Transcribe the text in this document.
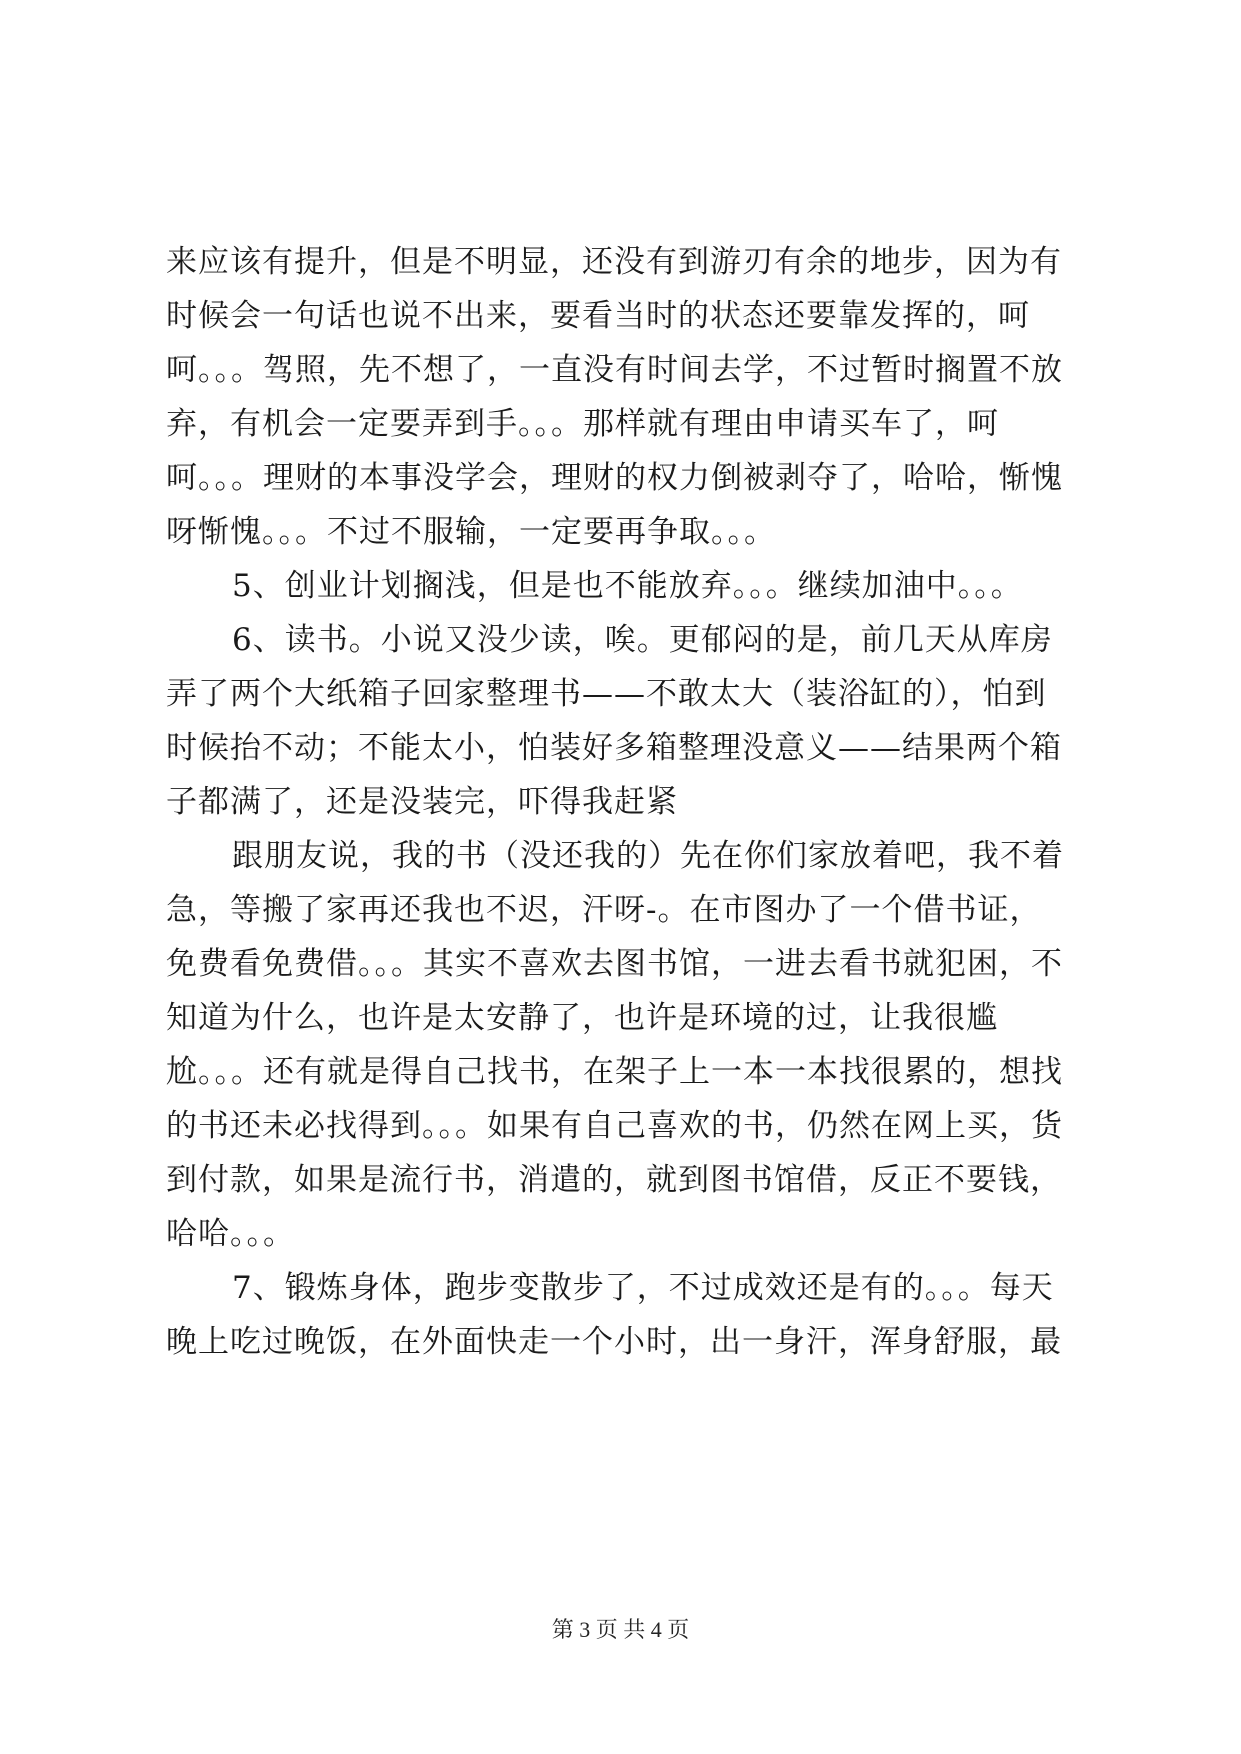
来应该有提升，但是不明显，还没有到游刃有余的地步，因为有
时候会一句话也说不出来，要看当时的状态还要靠发挥的，呵
呵。。。驾照，先不想了，一直没有时间去学，不过暂时搁置不放
弃，有机会一定要弄到手。。。那样就有理由申请买车了，呵
呵。。。理财的本事没学会，理财的权力倒被剥夺了，哈哈，惭愧
呀惭愧。。。不过不服输，一定要再争取。。。
5、创业计划搁浅，但是也不能放弃。。。继续加油中。。。
6、读书。小说又没少读，唉。更郁闷的是，前几天从库房
弄了两个大纸箱子回家整理书——不敢太大（装浴缸的），怕到
时候抬不动；不能太小，怕装好多箱整理没意义——结果两个箱
子都满了，还是没装完，吓得我赶紧
跟朋友说，我的书（没还我的）先在你们家放着吧，我不着
急，等搬了家再还我也不迟，汗呀-。在市图办了一个借书证，
免费看免费借。。。其实不喜欢去图书馆，一进去看书就犯困，不
知道为什么，也许是太安静了，也许是环境的过，让我很尴
尬。。。还有就是得自己找书，在架子上一本一本找很累的，想找
的书还未必找得到。。。如果有自己喜欢的书，仍然在网上买，货
到付款，如果是流行书，消遣的，就到图书馆借，反正不要钱，
哈哈。。。
7、锻炼身体，跑步变散步了，不过成效还是有的。。。每天
晚上吃过晚饭，在外面快走一个小时，出一身汗，浑身舒服，最
第 3 页 共 4 页
